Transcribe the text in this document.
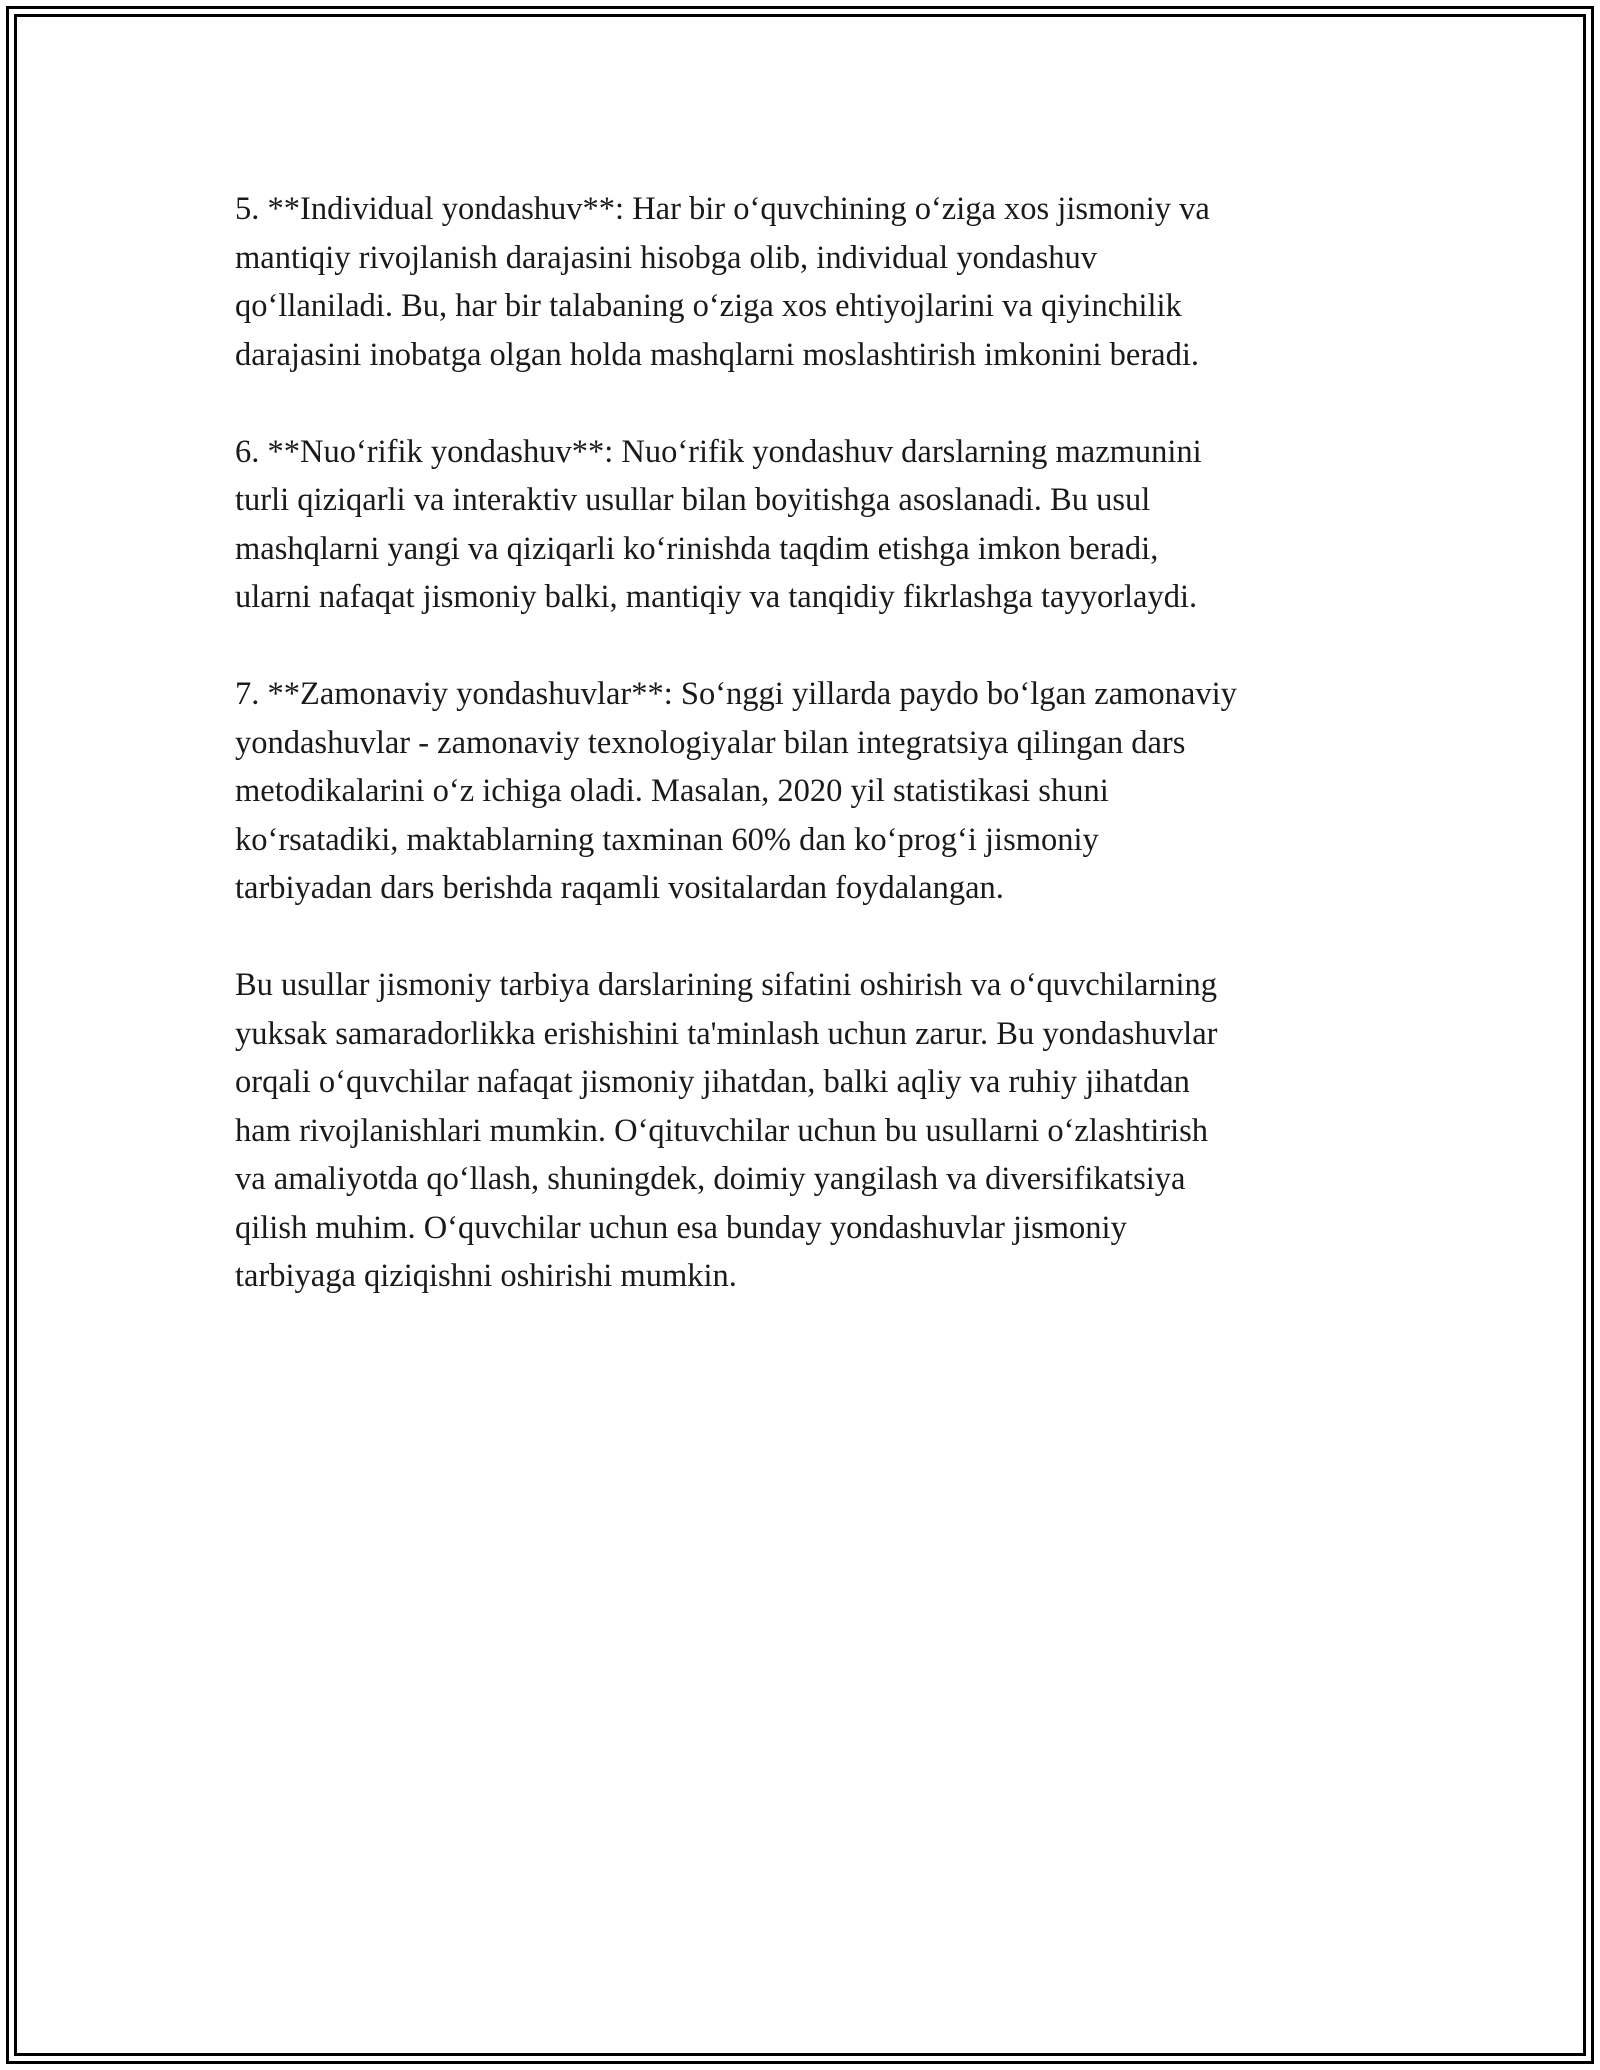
5. **Individual yondashuv**: Har bir o‘quvchining o‘ziga xos jismoniy va
mantiqiy rivojlanish darajasini hisobga olib, individual yondashuv
qo‘llaniladi. Bu, har bir talabaning o‘ziga xos ehtiyojlarini va qiyinchilik
darajasini inobatga olgan holda mashqlarni moslashtirish imkonini beradi.

6. **Nuo‘rifik yondashuv**: Nuo‘rifik yondashuv darslarning mazmunini
turli qiziqarli va interaktiv usullar bilan boyitishga asoslanadi. Bu usul
mashqlarni yangi va qiziqarli ko‘rinishda taqdim etishga imkon beradi,
ularni nafaqat jismoniy balki, mantiqiy va tanqidiy fikrlashga tayyorlaydi.

7. **Zamonaviy yondashuvlar**: So‘nggi yillarda paydo bo‘lgan zamonaviy
yondashuvlar - zamonaviy texnologiyalar bilan integratsiya qilingan dars
metodikalarini o‘z ichiga oladi. Masalan, 2020 yil statistikasi shuni
ko‘rsatadiki, maktablarning taxminan 60% dan ko‘prog‘i jismoniy
tarbiyadan dars berishda raqamli vositalardan foydalangan.

Bu usullar jismoniy tarbiya darslarining sifatini oshirish va o‘quvchilarning
yuksak samaradorlikka erishishini ta'minlash uchun zarur. Bu yondashuvlar
orqali o‘quvchilar nafaqat jismoniy jihatdan, balki aqliy va ruhiy jihatdan
ham rivojlanishlari mumkin. O‘qituvchilar uchun bu usullarni o‘zlashtirish
va amaliyotda qo‘llash, shuningdek, doimiy yangilash va diversifikatsiya
qilish muhim. O‘quvchilar uchun esa bunday yondashuvlar jismoniy
tarbiyaga qiziqishni oshirishi mumkin.
